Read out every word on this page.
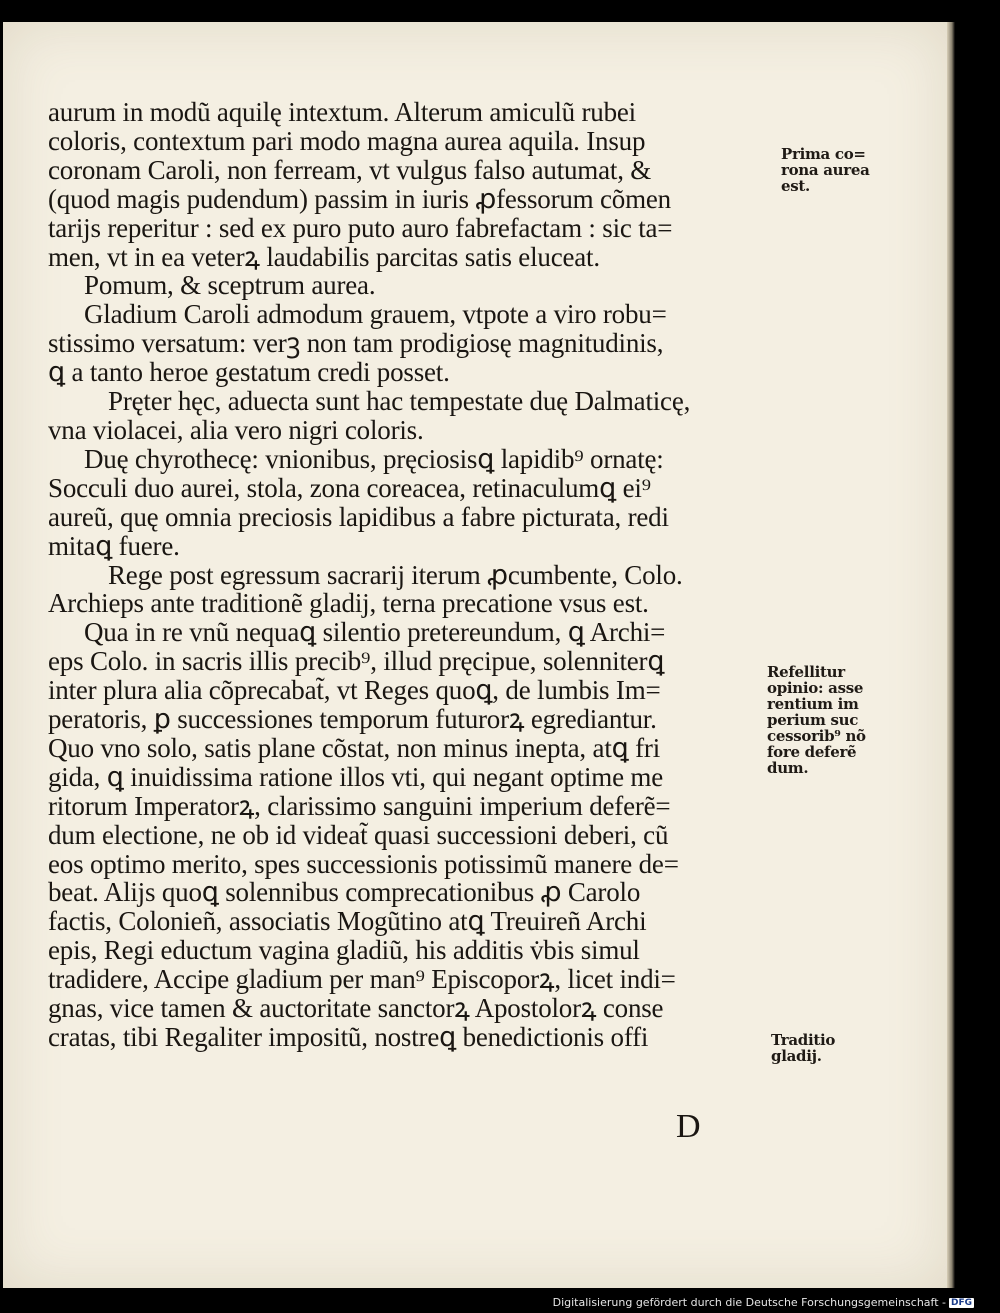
aurum in modũ aquilę intextum. Alterum amiculũ rubei
coloris, contextum pari modo magna aurea aquila. Insup
coronam Caroli, non ferream, vt vulgus falso autumat, &
(quod magis pudendum) passim in iuris ꝓfessorum cõmen
tarijs reperitur : sed ex puro puto auro fabrefactam : sic ta=
men, vt in ea veterꝝ laudabilis parcitas satis eluceat.
Pomum, & sceptrum aurea.
Gladium Caroli admodum grauem, vtpote a viro robu=
stissimo versatum: verꝫ non tam prodigiosę magnitudinis,
ꝗ a tanto heroe gestatum credi posset.
Pręter hęc, aduecta sunt hac tempestate duę Dalmaticę,
vna violacei, alia vero nigri coloris.
Duę chyrothecę: vnionibus, pręciosisꝗ lapidib⁹ ornatę:
Socculi duo aurei, stola, zona coreacea, retinaculumꝗ ei⁹
aureũ, quę omnia preciosis lapidibus a fabre picturata, redi
mitaꝗ fuere.
Rege post egressum sacrarij iterum ꝓcumbente, Colo.
Archieps ante traditionẽ gladij, terna precatione vsus est.
Qua in re vnũ nequaꝗ silentio pretereundum, ꝗ Archi=
eps Colo. in sacris illis precib⁹, illud pręcipue, solenniterꝗ
inter plura alia cõprecabat̃, vt Reges quoꝗ, de lumbis Im=
peratoris, ꝑ successiones temporum futurorꝝ egrediantur.
Quo vno solo, satis plane cõstat, non minus inepta, atꝗ fri
gida, ꝗ inuidissima ratione illos vti, qui negant optime me
ritorum Imperatorꝝ, clarissimo sanguini imperium deferẽ=
dum electione, ne ob id videat̃ quasi successioni deberi, cũ
eos optimo merito, spes successionis potissimũ manere de=
beat. Alijs quoꝗ solennibus comprecationibus ꝓ Carolo
factis, Colonieñ, associatis Mogũtino atꝗ Treuireñ Archi
epis, Regi eductum vagina gladiũ, his additis v̇bis simul
tradidere, Accipe gladium per man⁹ Episcoporꝝ, licet indi=
gnas, vice tamen & auctoritate sanctorꝝ Apostolorꝝ conse
cratas, tibi Regaliter impositũ, nostreꝗ benedictionis offi
D
Prima co=
rona aurea
est.
Refellitur
opinio: asse
rentium im
perium suc
cessorib⁹ nõ
fore deferẽ
dum.
Traditio
gladij.
Digitalisierung gefördert durch die Deutsche Forschungsgemeinschaft - DFG
